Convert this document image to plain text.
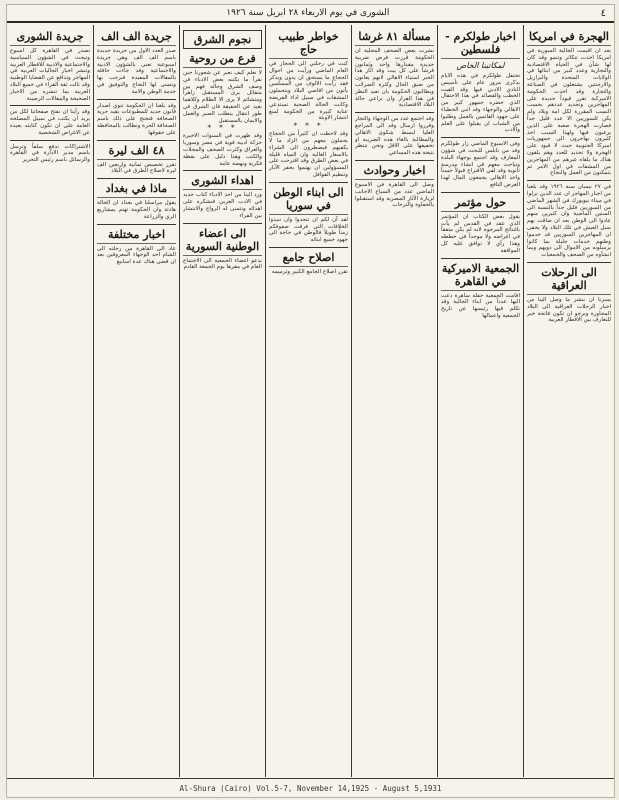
٤
الشورى في يوم الاربعاء ٢٨ ابريل سنة ١٩٢٦
الهجرة في امريكا

بعد ان اقيمت الجالية السورية في امريكا اخذت تتكاثر وتنمو وقد كان لها شأن في الحياة الاقتصادية والتجارية وعدد كبير من ابنائها في الولايات المتحدة والبرازيل والارجنتين يشتغلون في الصناعة والتجارة وقد اخذت الحكومة الاميركية تقرر قيوداً جديدة على المهاجرين وتحديد عددهم بحسب النسب المقررة لكل امة وبلاد ولم يكن للسوريين الا عدد قليل جداً فصارت الهجرة صعبة على الذين يرغبون فيها ولهذا السبب اخذ كثيرون يهاجرون الى جمهوريات اميركا الجنوبية حيث لا قيود على الهجرة ولا تحديد للعدد وهم يلقون هناك ما يلقاه غيرهم من المهاجرين من المشقات في اول الامر ثم يتمكنون من العمل والنجاح

في ٢٧ نيسان سنة ١٩٢٦ وقد بلغنا من اخبار المهاجر ان عدد الذين نزلوا في ميناء نيويورك في الشهر الماضي من السوريين قليل جداً بالنسبة الى السنين الماضية وان كثيرين منهم عادوا الى الوطن بعد ان ضاقت بهم سبل العيش في تلك البلاد ولا يخفى ان المهاجرين السوريين قد خدموا وطنهم خدمات جليلة بما كانوا يرسلونه من الاموال الى ذويهم وبما انشأوه من الصحف والجمعيات

الى الرحلات العراقية

يسرنا ان ننشر ما وصل الينا من اخبار الرحلات العراقية الى البلاد المجاورة ونرجو ان تكون فاتحة خير للتعارف بين الاقطار العربية

اخبار طولكرم - فلسطين
لمكاتبنا الخاص

تحتفل طولكرم في هذه الايام بذكرى مرور عام على تأسيس النادي الادبي فيها وقد القيت الخطب والقصائد في هذا الاحتفال الذي حضره جمهور كبير من الاهالي والوجهاء وقد اثنى الخطباء على جهود القائمين بالعمل وطلبوا من الشباب ان يقبلوا على العلم والادب

وفي الاسبوع الماضي زار طولكرم وفد من نابلس للبحث في شؤون المعارف وقد اجتمع بوجهاء البلدة وتباحث معهم في انشاء مدرسة ثانوية وقد لقي الاقتراح قبولاً حسناً واخذ الاهالي يجمعون المال لهذا الغرض النافع

حول مؤتمر

يقول بعض الكتاب ان المؤتمر الذي عقد في القدس لم يأت بالنتائج المرجوة لانه لم يكن متفقاً في اغراضه ولا موحداً في خططه وهذا رأي لا نوافق عليه كل الموافقة

الجمعية الاميركية في القاهرة

اقامت الجمعية حفلة ساهرة دعت اليها عدداً من ابناء الجالية وقد تكلم فيها رئيسها عن تاريخ الجمعية واعمالها

مسألة ٨١ غرشا

نشرت بعض الصحف المحلية ان الحكومة قررت فرض ضريبة جديدة مقدارها واحد وثمانون قرشاً على كل بيت وقد اثار هذا الخبر استياء الاهالي لانهم يعانون من ضيق الحال وكثرة الضرائب ويطالبون الحكومة بان تعيد النظر في هذا القرار وان تراعي حالة البلاد الاقتصادية

وقد اجتمع عدد من الوجهاء والتجار وقرروا ارسال وفد الى المراجع العليا لبسط شكوى الاهالي والمطالبة بالغاء هذه الضريبة او تخفيفها على الاقل ونحن ننتظر نتيجة هذه المساعي

اخبار وحوادث

وصل الى القاهرة في الاسبوع الماضي عدد من السياح الاجانب لزيارة الآثار المصرية وقد استقبلوا بالحفاوة والترحاب

خواطر طبيب حاج

كنت في رحلتي الى الحجاز في العام الماضي ورأيت من احوال الحجاج ما يستحق ان يدون ويذكر فقد رأيت الالوف من المسلمين يأتون من اقاصي البلاد ويتحملون المشقات في سبيل اداء الفريضة وكانت الحالة الصحية تستدعي عناية كبيرة من الحكومة لمنع انتشار الاوبئة

* * *

وقد لاحظت ان كثيراً من الحجاج يحملون معهم من الزاد ما لا يكفيهم فيضطرون الى الشراء بالاسعار الغالية وان المياه قليلة في بعض الطرق وقد اقترحت على المسؤولين ان يهتموا بحفر الآبار وتنظيم القوافل

الى ابناء الوطن في سوريا

لقد آن لكم ان تتحدوا وان تنبذوا الخلافات التي فرقت صفوفكم زمناً طويلاً فالوطن في حاجة الى جهود جميع ابنائه

اصلاح جامع

تقرر اصلاح الجامع الكبير وترميمه

نجوم الشرق
فرع من روحية

لا نعلم كيف نعبر عن شعورنا حين نقرأ ما يكتبه بعض الادباء في وصف الشرق وحاله فهم بين متفائل يرى المستقبل زاهراً ومتشائم لا يرى الا الظلام وكلاهما بعيد عن الحقيقة فان الشرق في طور انتقال يتطلب الصبر والعمل والايمان بالمستقبل

* * *

وقد ظهرت في السنوات الاخيرة حركة ادبية قوية في مصر وسوريا والعراق وكثرت الصحف والمجلات والكتب وهذا دليل على يقظة فكرية ونهضة عامة

اهداء الشورى

ورد الينا من احد الادباء كتاب جديد في الادب العربي فنشكره على اهدائه ونتمنى له الرواج والانتشار بين القراء

الى اعضاء الوطنية السورية

ندعو اعضاء الجمعية الى الاجتماع العام في مقرها يوم الجمعة القادم

جريدة الف الف

صدر العدد الاول من جريدة جديدة باسم الف الف وهي جريدة اسبوعية تعنى بالشؤون الادبية والاجتماعية وقد جاءت حافلة بالمقالات المفيدة فنرحب بها ونتمنى لها النجاح والتوفيق في خدمة الوطن والامة

وقد بلغنا ان الحكومة تنوي اصدار قانون جديد للمطبوعات يقيد حرية الصحافة فنحتج على ذلك باسم الصحافة الحرة ونطالب بالمحافظة على حقوقها

٤٨ الف ليرة

تقرر تخصيص ثمانية واربعين الف ليرة لاصلاح الطرق في البلاد

ماذا في بغداد

يقول مراسلنا في بغداد ان الحالة هادئة وان الحكومة تهتم بمشاريع الري والزراعة

اخبار مختلفة

عاد الى القاهرة من رحلته الى الشام احد الوجهاء المعروفين بعد ان قضى هناك عدة اسابيع

جريدة الشورى

تصدر في القاهرة كل اسبوع وتبحث في الشؤون السياسية والاجتماعية والادبية للاقطار العربية وتنشر اخبار الجاليات العربية في المهاجر وتدافع عن القضايا الوطنية وقد نالت ثقة القراء في جميع البلاد العربية بما تنشره من الاخبار الصحيحة والمقالات الرصينة

وقد رأينا ان نفتح صفحاتنا لكل من يريد ان يكتب في سبيل المصلحة العامة على ان تكون كتابته بعيدة عن الاغراض الشخصية

الاشتراكات تدفع سلفاً وترسل باسم مدير الادارة في القاهرة والرسائل باسم رئيس التحرير

Al-Shura (Cairo) Vol.5-7, November 14,1925 - August 5,1931
